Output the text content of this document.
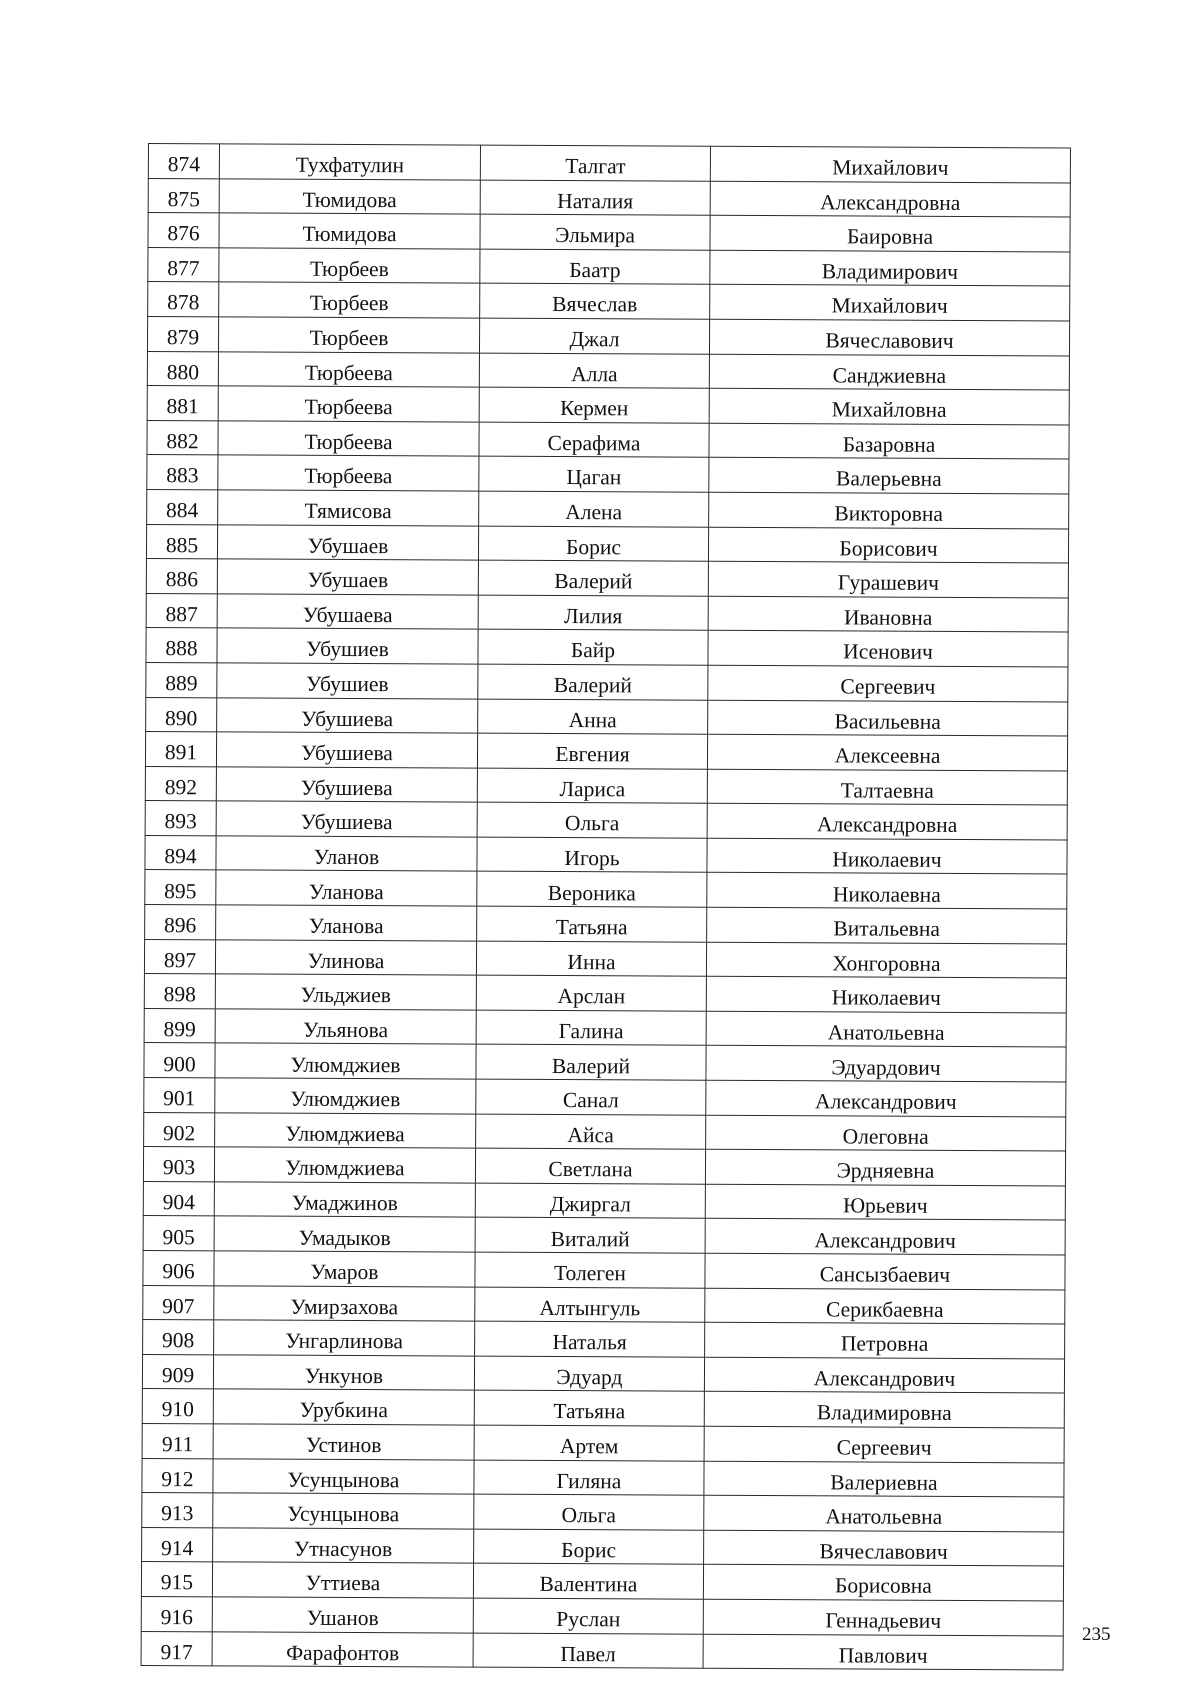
874	Тухфатулин	Талгат	Михайлович
875	Тюмидова	Наталия	Александровна
876	Тюмидова	Эльмира	Баировна
877	Тюрбеев	Баатр	Владимирович
878	Тюрбеев	Вячеслав	Михайлович
879	Тюрбеев	Джал	Вячеславович
880	Тюрбеева	Алла	Санджиевна
881	Тюрбеева	Кермен	Михайловна
882	Тюрбеева	Серафима	Базаровна
883	Тюрбеева	Цаган	Валерьевна
884	Тямисова	Алена	Викторовна
885	Убушаев	Борис	Борисович
886	Убушаев	Валерий	Гурашевич
887	Убушаева	Лилия	Ивановна
888	Убушиев	Байр	Исенович
889	Убушиев	Валерий	Сергеевич
890	Убушиева	Анна	Васильевна
891	Убушиева	Евгения	Алексеевна
892	Убушиева	Лариса	Талтаевна
893	Убушиева	Ольга	Александровна
894	Уланов	Игорь	Николаевич
895	Уланова	Вероника	Николаевна
896	Уланова	Татьяна	Витальевна
897	Улинова	Инна	Хонгоровна
898	Ульджиев	Арслан	Николаевич
899	Ульянова	Галина	Анатольевна
900	Улюмджиев	Валерий	Эдуардович
901	Улюмджиев	Санал	Александрович
902	Улюмджиева	Айса	Олеговна
903	Улюмджиева	Светлана	Эрдняевна
904	Умаджинов	Джиргал	Юрьевич
905	Умадыков	Виталий	Александрович
906	Умаров	Толеген	Сансызбаевич
907	Умирзахова	Алтынгуль	Серикбаевна
908	Унгарлинова	Наталья	Петровна
909	Ункунов	Эдуард	Александрович
910	Урубкина	Татьяна	Владимировна
911	Устинов	Артем	Сергеевич
912	Усунцынова	Гиляна	Валериевна
913	Усунцынова	Ольга	Анатольевна
914	Утнасунов	Борис	Вячеславович
915	Уттиева	Валентина	Борисовна
916	Ушанов	Руслан	Геннадьевич
917	Фарафонтов	Павел	Павлович
235
